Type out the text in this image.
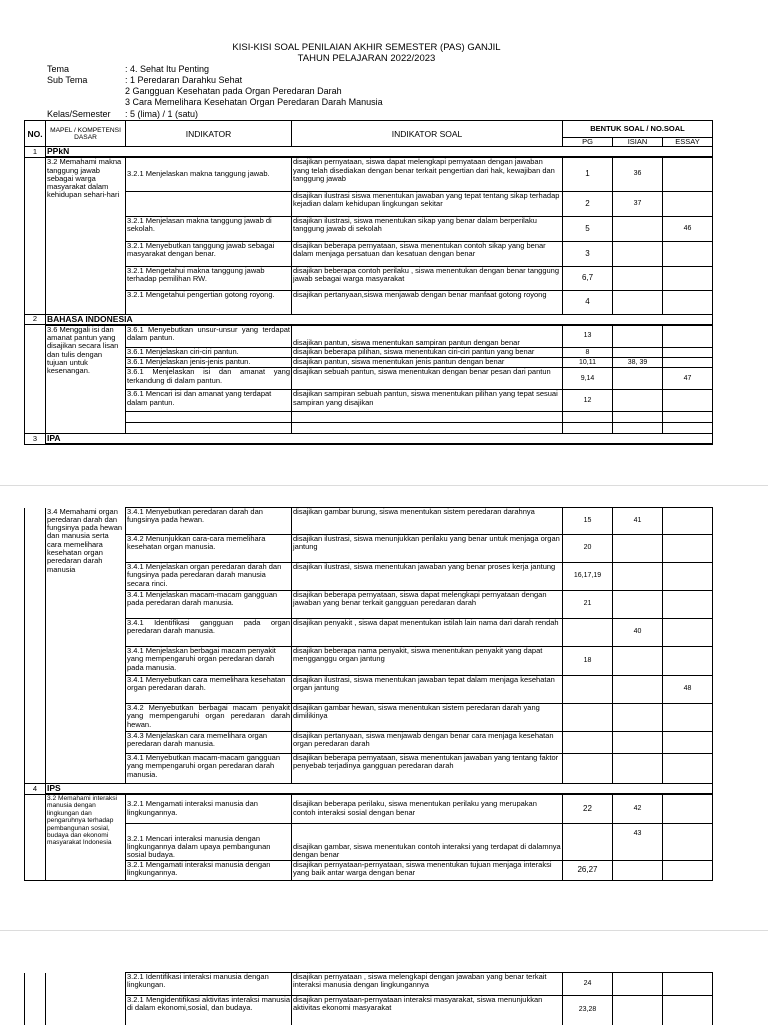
KISI-KISI SOAL PENILAIAN AKHIR SEMESTER (PAS) GANJIL
TAHUN PELAJARAN 2022/2023
Tema	: 4. Sehat Itu Penting
Sub Tema	: 1 Peredaran Darahku Sehat
2 Gangguan Kesehatan pada Organ Peredaran Darah
3 Cara Memelihara Kesehatan Organ Peredaran Darah Manusia
Kelas/Semester : 5 (lima) / 1 (satu)
NO.	MAPEL / KOMPETENSI DASAR	INDIKATOR	INDIKATOR SOAL	BENTUK SOAL / NO.SOAL		
				PG	ISIAN	ESSAY
1	PPkN					
	3.2 Memahami makna tanggung jawab sebagai warga masyarakat dalam kehidupan sehari-hari	3.2.1 Menjelaskan makna tanggung jawab.	disajikan pernyataan, siswa dapat melengkapi pernyataan dengan jawaban yang telah disediakan dengan benar terkait pengertian dari hak, kewajiban dan tanggung jawab	1	36	
			disajikan ilustrasi siswa menentukan jawaban yang tepat tentang sikap terhadap kejadian dalam kehidupan lingkungan sekitar	2	37	
		3.2.1 Menjelasan makna tanggung jawab di sekolah.	disajikan ilustrasi, siswa menentukan sikap yang benar dalam berperilaku tanggung jawab di sekolah	5		46
		3.2.1 Menyebutkan tanggung jawab sebagai masyarakat dengan benar.	disajikan beberapa pernyataan, siswa menentukan contoh sikap yang benar dalam menjaga persatuan dan kesatuan dengan benar	3		
		3.2.1 Mengetahui makna tanggung jawab terhadap pemilihan RW.	disajikan beberapa contoh perilaku , siswa menentukan dengan benar tanggung jawab sebagai warga masyarakat	6,7		
		3.2.1 Mengetahui pengertian gotong royong.	disajikan pertanyaan,siswa menjawab dengan benar manfaat gotong royong	4		
2	BAHASA INDONESIA					
	3.6 Menggali isi dan amanat pantun yang disajikan secara lisan dan tulis dengan tujuan untuk kesenangan.	3.6.1 Menyebutkan unsur-unsur yang terdapat dalam pantun.	disajikan pantun, siswa menentukan sampiran pantun dengan benar	13		
		3.6.1 Menjelaskan ciri-ciri pantun.	disajikan beberapa pilihan, siswa menentukan ciri-ciri pantun yang benar	8		
		3.6.1 Menjelaskan jenis-jenis pantun.	disajikan pantun, siswa menentukan jenis pantun dengan benar	10,11	38, 39	
		3.6.1 Menjelaskan isi dan amanat yang terkandung di dalam pantun.	disajikan sebuah pantun, siswa menentukan dengan benar pesan dari pantun	9,14		47
		3.6.1 Mencari isi dan amanat yang terdapat dalam pantun.	disajikan sampiran sebuah pantun, siswa menentukan pilihan yang tepat sesuai sampiran yang disajikan	12		

3	IPA					
	3.4 Memahami organ peredaran darah dan fungsinya pada hewan dan manusia serta cara memelihara kesehatan organ peredaran darah manusia	3.4.1 Menyebutkan peredaran darah dan fungsinya pada hewan.	disajikan gambar burung, siswa menentukan sistem peredaran darahnya	15	41	
		3.4.2 Menunjukkan cara-cara memelihara kesehatan organ manusia.	disajikan ilustrasi, siswa menunjukkan perilaku yang benar untuk menjaga organ jantung	20		
		3.4.1 Menjelaskan organ peredaran darah dan fungsinya pada peredaran darah manusia secara rinci.	disajikan ilustrasi, siswa menentukan jawaban yang benar proses kerja jantung	16,17,19		
		3.4.1 Menjelaskan macam-macam gangguan pada peredaran darah manusia.	disajikan beberapa pernyataan, siswa dapat melengkapi pernyataan dengan jawaban yang benar terkait gangguan peredaran darah	21		
		3.4.1 Identifikasi gangguan pada organ peredaran darah manusia.	disajikan penyakit , siswa dapat menentukan istilah lain nama dari darah rendah		40	
		3.4.1 Menjelaskan berbagai macam penyakit yang mempengaruhi organ peredaran darah pada manusia.	disajikan beberapa nama penyakit, siswa menentukan penyakit yang dapat mengganggu organ jantung	18		
		3.4.1 Menyebutkan cara memelihara kesehatan organ peredaran darah.	disajikan ilustrasi, siswa menentukan jawaban tepat dalam menjaga kesehatan organ jantung			48
		3.4.2 Menyebutkan berbagai macam penyakit yang mempengaruhi organ peredaran darah hewan.	disajikan gambar hewan, siswa menentukan sistem peredaran darah yang dimilikinya			
		3.4.3 Menjelaskan cara memelihara organ peredaran darah manusia.	disajikan pertanyaan, siswa menjawab dengan benar cara menjaga kesehatan organ peredaran darah			
		3.4.1 Menyebutkan macam-macam gangguan yang mempengaruhi organ peredaran darah manusia.	disajikan beberapa pernyataan, siswa menentukan jawaban yang tentang faktor penyebab terjadinya gangguan peredaran darah			
4	IPS					
	3.2 Memahami interaksi manusia dengan lingkungan dan pengaruhnya terhadap pembangunan sosial, budaya dan ekonomi masyarakat Indonesia	3.2.1 Mengamati interaksi manusia dan lingkungannya.	disajikan beberapa perilaku, siswa menentukan perilaku yang merupakan contoh interaksi sosial dengan benar	22	42	
		3.2.1 Mencari interaksi manusia dengan lingkungannya dalam upaya pembangunan sosial budaya.	disajikan gambar, siswa menentukan contoh interaksi yang terdapat di dalamnya dengan benar		43	
		3.2.1 Mengamati interaksi manusia dengan lingkungannya.	disajikan pernyataan-pernyataan, siswa menentukan tujuan menjaga interaksi yang baik antar warga dengan benar	26,27		
		3.2.1 Identifikasi interaksi manusia dengan lingkungan.	disajikan pernyataan , siswa melengkapi dengan jawaban yang benar terkait interaksi manusia dengan lingkungannya	24		
		3.2.1 Mengidentifikasi aktivitas interaksi manusia di dalam ekonomi,sosial, dan budaya.	disajikan pernyataan-pernyataan interaksi masyarakat, siswa menunjukkan aktivitas ekonomi masyarakat	23,28		
